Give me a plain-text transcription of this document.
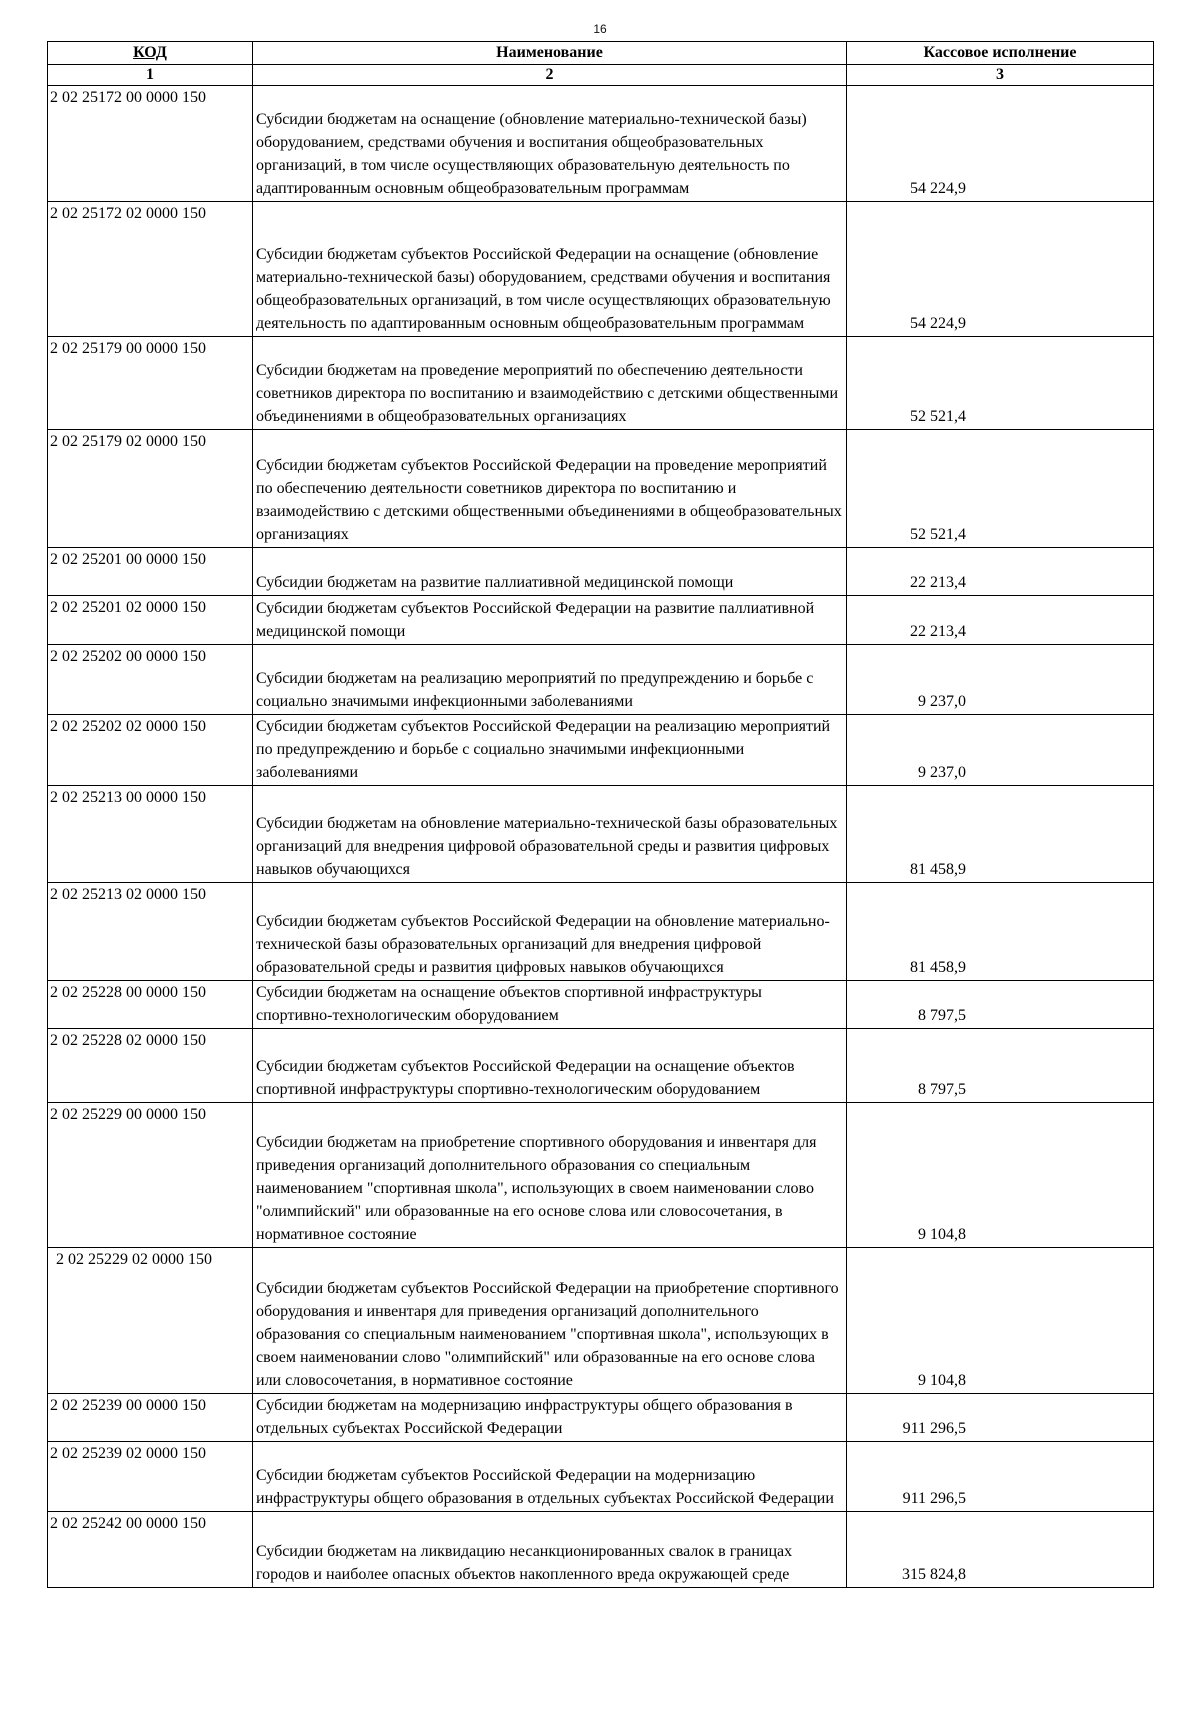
16
КОД	Наименование	Кассовое исполнение
1	2	3
2 02 25172 00 0000 150	Субсидии бюджетам на оснащение (обновление материально-технической базы) оборудованием, средствами обучения и воспитания общеобразовательных организаций, в том числе осуществляющих образовательную деятельность по адаптированным основным общеобразовательным программам	54 224,9
2 02 25172 02 0000 150	Субсидии бюджетам субъектов Российской Федерации на оснащение (обновление материально-технической базы) оборудованием, средствами обучения и воспитания общеобразовательных организаций, в том числе осуществляющих образовательную деятельность по адаптированным основным общеобразовательным программам	54 224,9
2 02 25179 00 0000 150	Субсидии бюджетам на проведение мероприятий по обеспечению деятельности советников директора по воспитанию и взаимодействию с детскими общественными объединениями в общеобразовательных организациях	52 521,4
2 02 25179 02 0000 150	Субсидии бюджетам субъектов Российской Федерации на проведение мероприятий по обеспечению деятельности советников директора по воспитанию и взаимодействию с детскими общественными объединениями в общеобразовательных организациях	52 521,4
2 02 25201 00 0000 150	Субсидии бюджетам на развитие паллиативной медицинской помощи	22 213,4
2 02 25201 02 0000 150	Субсидии бюджетам субъектов Российской Федерации на развитие паллиативной медицинской помощи	22 213,4
2 02 25202 00 0000 150	Субсидии бюджетам на реализацию мероприятий по предупреждению и борьбе с социально значимыми инфекционными заболеваниями	9 237,0
2 02 25202 02 0000 150	Субсидии бюджетам субъектов Российской Федерации на реализацию мероприятий по предупреждению и борьбе с социально значимыми инфекционными заболеваниями	9 237,0
2 02 25213 00 0000 150	Субсидии бюджетам на обновление материально-технической базы образовательных организаций для внедрения цифровой образовательной среды и развития цифровых навыков обучающихся	81 458,9
2 02 25213 02 0000 150	Субсидии бюджетам субъектов Российской Федерации на обновление материально-технической базы образовательных организаций для внедрения цифровой образовательной среды и развития цифровых навыков обучающихся	81 458,9
2 02 25228 00 0000 150	Субсидии бюджетам на оснащение объектов спортивной инфраструктуры спортивно-технологическим оборудованием	8 797,5
2 02 25228 02 0000 150	Субсидии бюджетам субъектов Российской Федерации на оснащение объектов спортивной инфраструктуры спортивно-технологическим оборудованием	8 797,5
2 02 25229 00 0000 150	Субсидии бюджетам на приобретение спортивного оборудования и инвентаря для приведения организаций дополнительного образования со специальным наименованием "спортивная школа", использующих в своем наименовании слово "олимпийский" или образованные на его основе слова или словосочетания, в нормативное состояние	9 104,8
2 02 25229 02 0000 150	Субсидии бюджетам субъектов Российской Федерации на приобретение спортивного оборудования и инвентаря для приведения организаций дополнительного образования со специальным наименованием "спортивная школа", использующих в своем наименовании слово "олимпийский" или образованные на его основе слова или словосочетания, в нормативное состояние	9 104,8
2 02 25239 00 0000 150	Субсидии бюджетам на модернизацию инфраструктуры общего образования в отдельных субъектах Российской Федерации	911 296,5
2 02 25239 02 0000 150	Субсидии бюджетам субъектов Российской Федерации на модернизацию инфраструктуры общего образования в отдельных субъектах Российской Федерации	911 296,5
2 02 25242 00 0000 150	Субсидии бюджетам на ликвидацию несанкционированных свалок в границах городов и наиболее опасных объектов накопленного вреда окружающей среде	315 824,8
